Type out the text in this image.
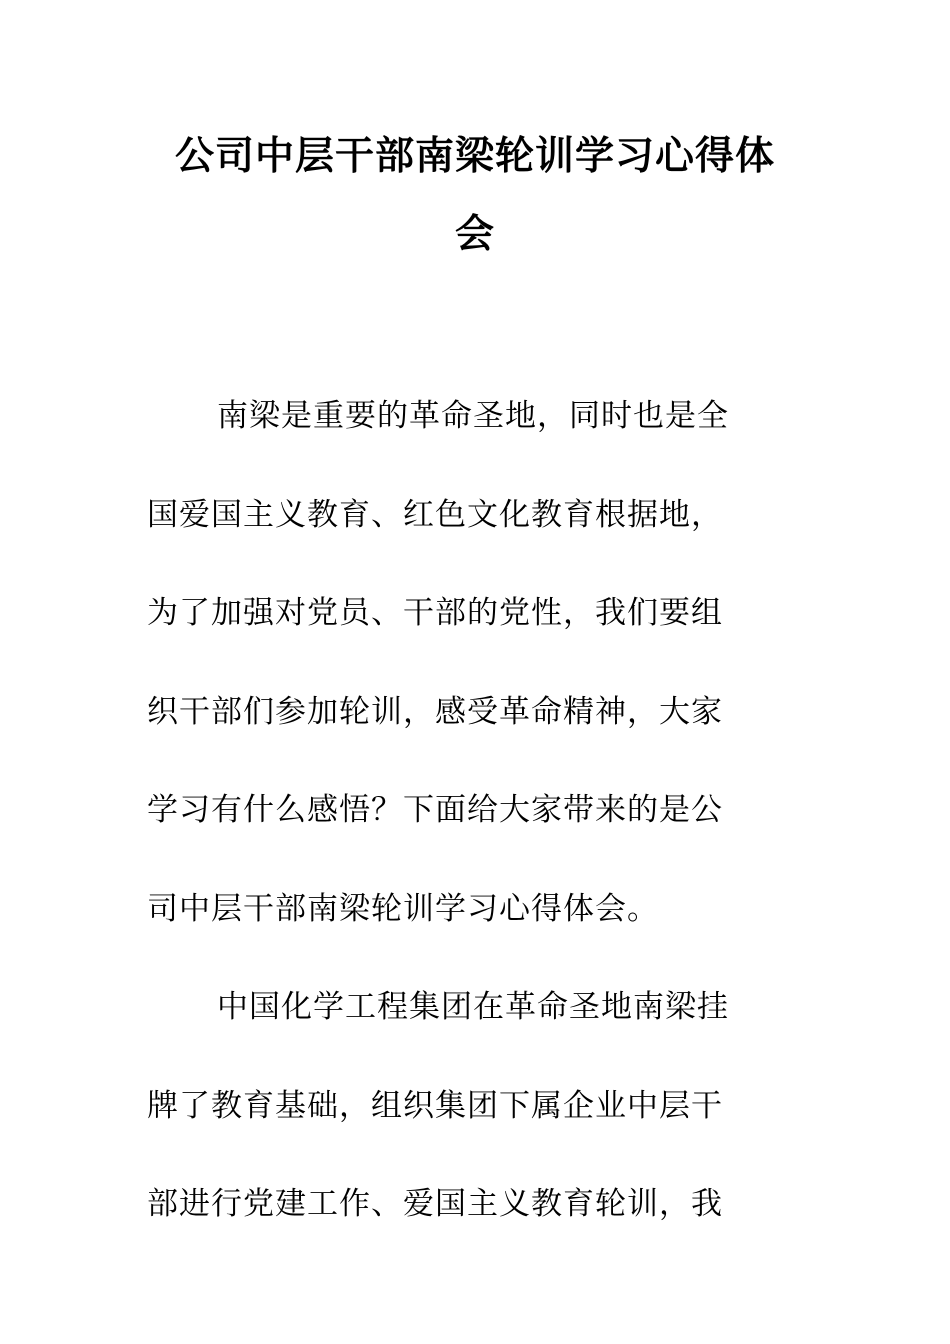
公司中层干部南梁轮训学习心得体
会
南梁是重要的革命圣地，同时也是全
国爱国主义教育、红色文化教育根据地，
为了加强对党员、干部的党性，我们要组
织干部们参加轮训，感受革命精神，大家
学习有什么感悟？下面给大家带来的是公
司中层干部南梁轮训学习心得体会。
中国化学工程集团在革命圣地南梁挂
牌了教育基础，组织集团下属企业中层干
部进行党建工作、爱国主义教育轮训，我
